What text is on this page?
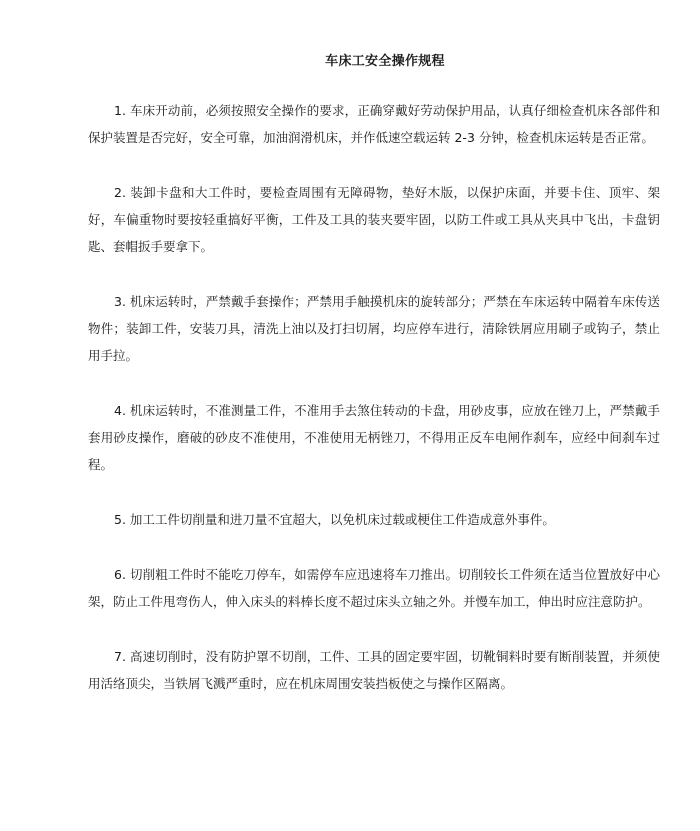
车床工安全操作规程

1. 车床开动前，必须按照安全操作的要求，正确穿戴好劳动保护用品，认真仔细检查机床各部件和保护装置是否完好，安全可靠，加油润滑机床，并作低速空载运转 2-3 分钟，检查机床运转是否正常。

2. 装卸卡盘和大工件时，要检查周围有无障碍物，垫好木版，以保护床面，并要卡住、顶牢、架好，车偏重物时要按轻重搞好平衡，工件及工具的装夹要牢固，以防工件或工具从夹具中飞出，卡盘钥匙、套帽扳手要拿下。

3. 机床运转时，严禁戴手套操作；严禁用手触摸机床的旋转部分；严禁在车床运转中隔着车床传送物件；装卸工件，安装刀具，清洗上油以及打扫切屑，均应停车进行，清除铁屑应用刷子或钩子，禁止用手拉。

4. 机床运转时，不准测量工件，不准用手去煞住转动的卡盘，用砂皮事，应放在锉刀上，严禁戴手套用砂皮操作，磨破的砂皮不准使用，不准使用无柄锉刀，不得用正反车电闸作刹车，应经中间刹车过程。

5. 加工工件切削量和进刀量不宜超大，以免机床过载或梗住工件造成意外事件。

6. 切削粗工件时不能吃刀停车，如需停车应迅速将车刀推出。切削较长工件须在适当位置放好中心架，防止工件甩弯伤人，伸入床头的料棒长度不超过床头立轴之外。并慢车加工，伸出时应注意防护。

7. 高速切削时，没有防护罩不切削，工件、工具的固定要牢固，切靴铜料时要有断削装置，并须使用活络顶尖，当铁屑飞溅严重时，应在机床周围安装挡板使之与操作区隔离。
